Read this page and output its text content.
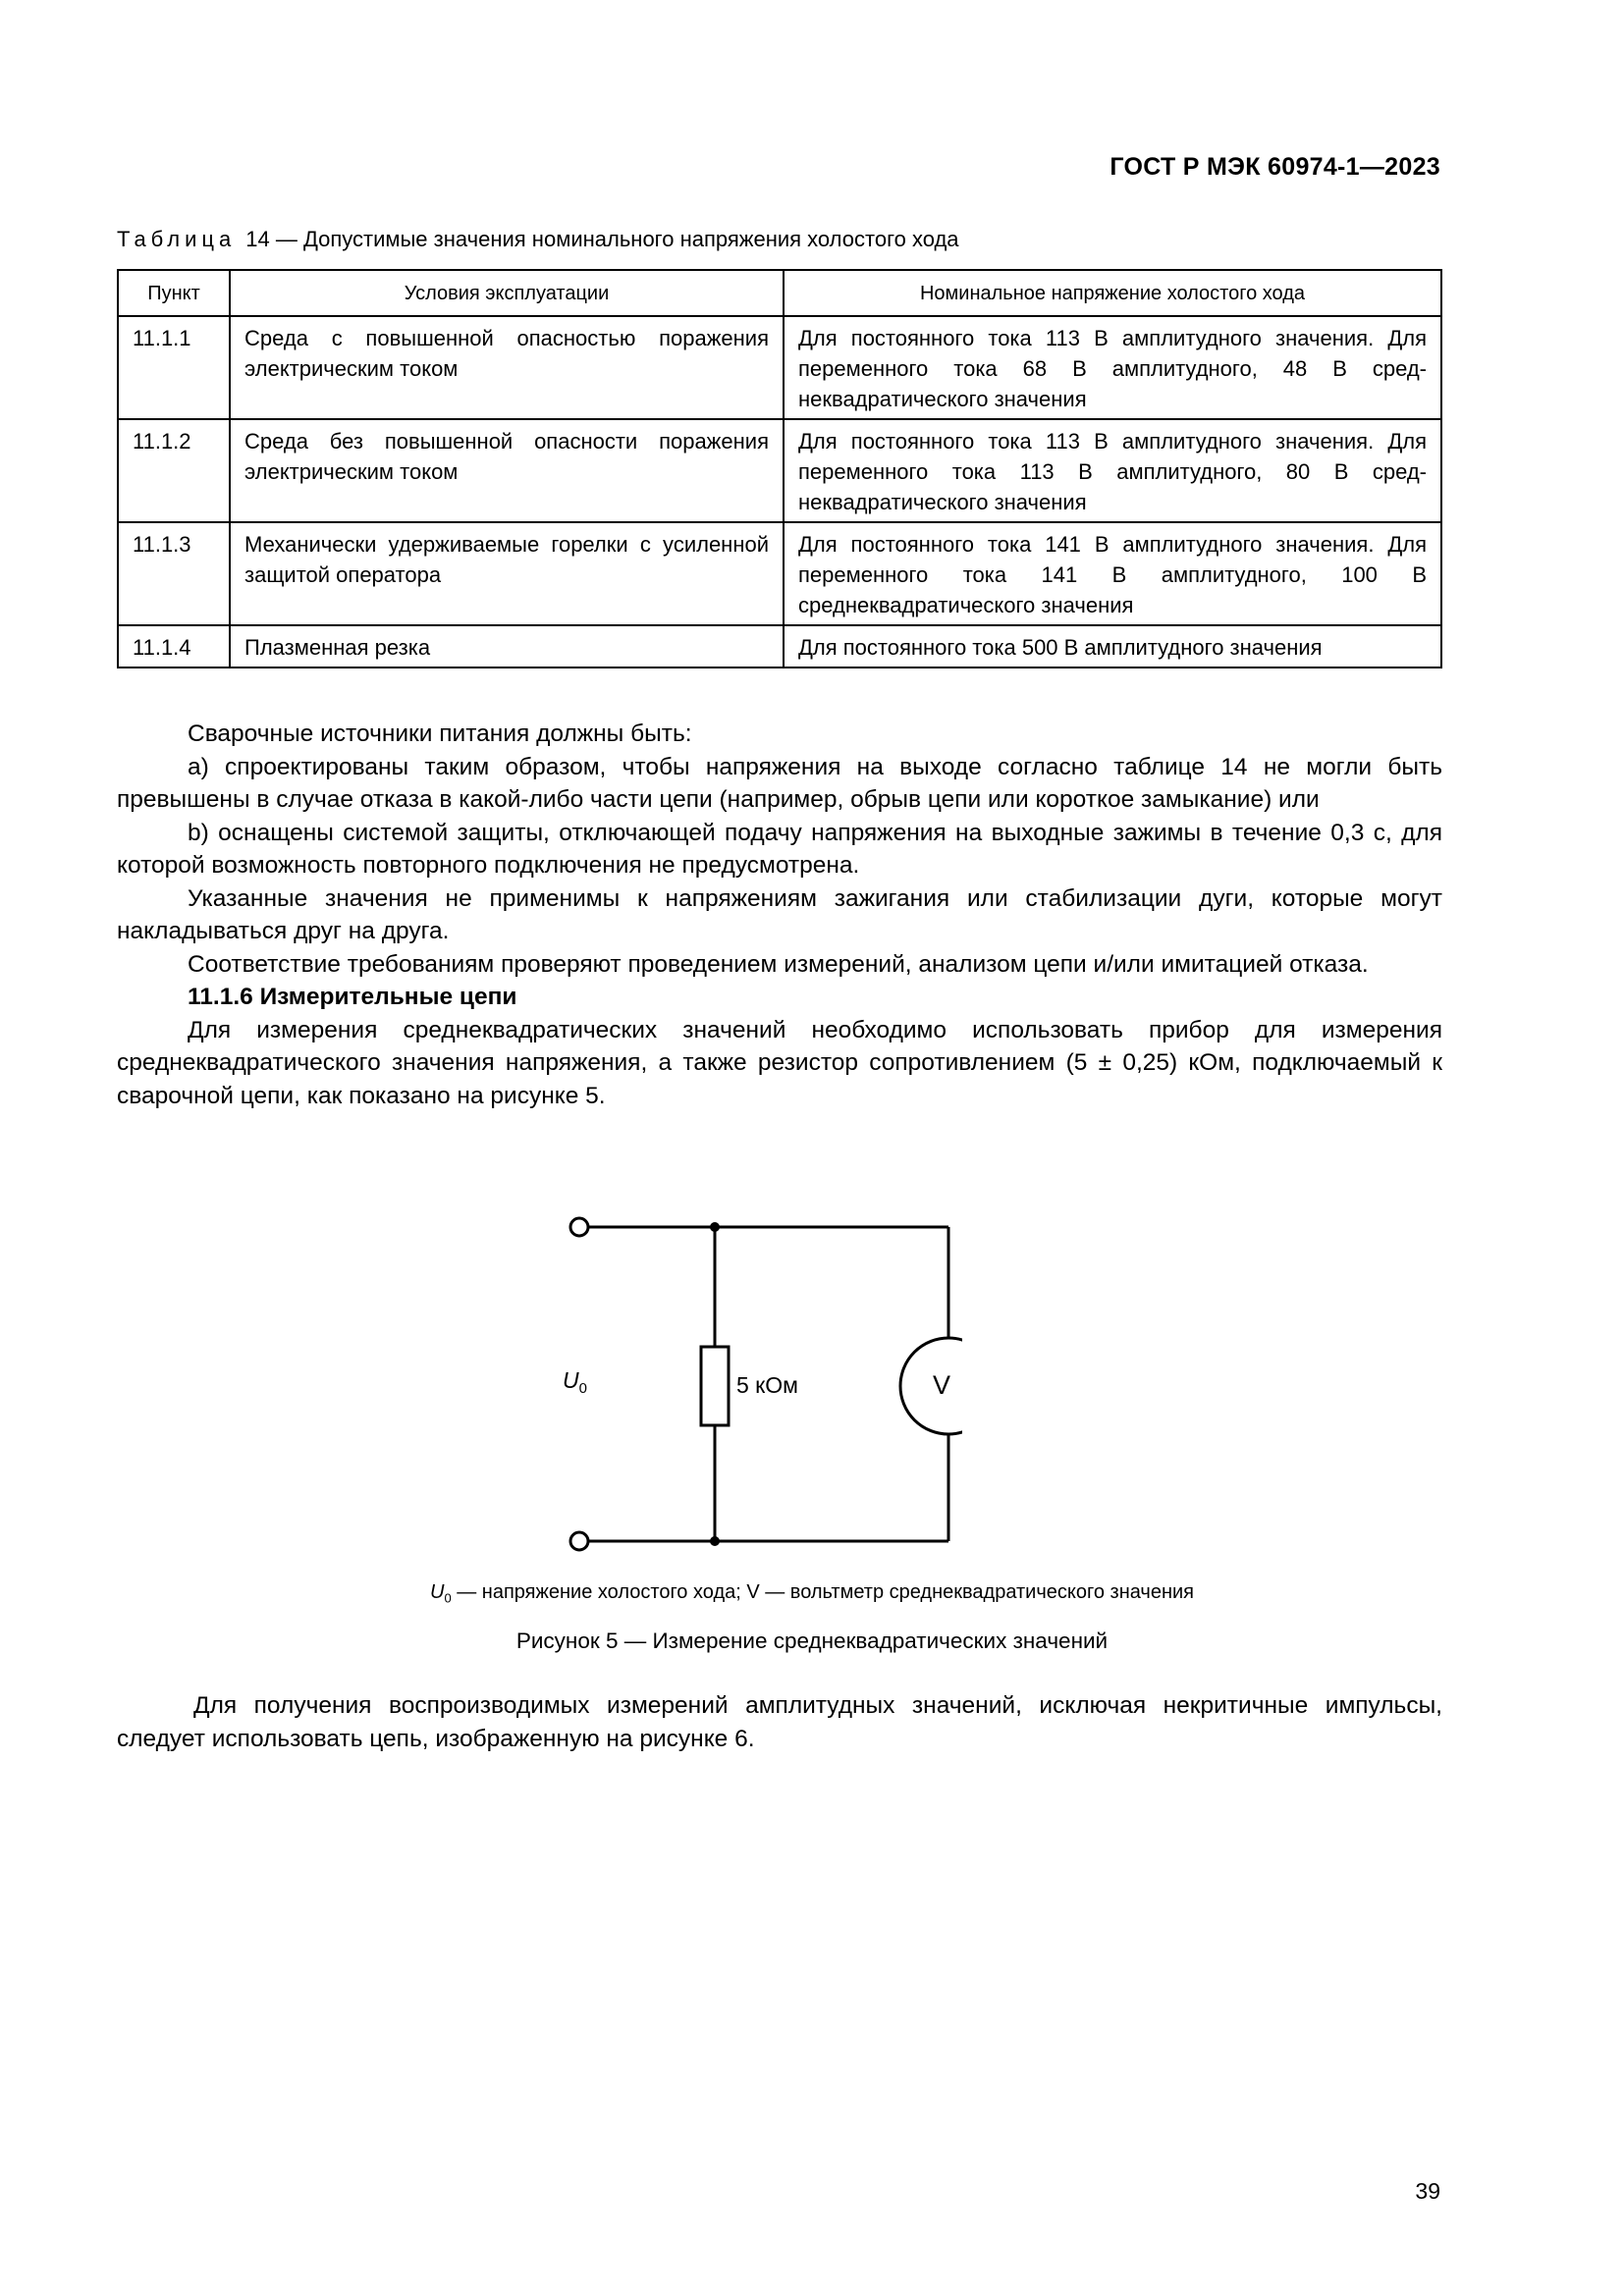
ГОСТ Р МЭК 60974-1—2023
Таблица 14 — Допустимые значения номинального напряжения холостого хода
Пункт	Условия эксплуатации	Номинальное напряжение холостого хода
11.1.1	Среда с повышенной опасностью поражения электрическим током	Для постоянного тока 113 В амплитудного значения. Для переменного тока 68 В амплитудного, 48 В среднеквадратического значения
11.1.2	Среда без повышенной опасности поражения электрическим током	Для постоянного тока 113 В амплитудного значения. Для переменного тока 113 В амплитудного, 80 В среднеквадратического значения
11.1.3	Механически удерживаемые горелки с усиленной защитой оператора	Для постоянного тока 141 В амплитудного значения. Для переменного тока 141 В амплитудного, 100 В среднеквадратического значения
11.1.4	Плазменная резка	Для постоянного тока 500 В амплитудного значения

Сварочные источники питания должны быть:

a) спроектированы таким образом, чтобы напряжения на выходе согласно таблице 14 не могли быть превышены в случае отказа в какой-либо части цепи (например, обрыв цепи или короткое замыкание) или

b) оснащены системой защиты, отключающей подачу напряжения на выходные зажимы в течение 0,3 с, для которой возможность повторного подключения не предусмотрена.

Указанные значения не применимы к напряжениям зажигания или стабилизации дуги, которые могут накладываться друг на друга.

Соответствие требованиям проверяют проведением измерений, анализом цепи и/или имитацией отказа.

11.1.6 Измерительные цепи

Для измерения среднеквадратических значений необходимо использовать прибор для измерения среднеквадратического значения напряжения, а также резистор сопротивлением (5 ± 0,25) кОм, подключаемый к сварочной цепи, как показано на рисунке 5.

$U_0$	5 кОм	V
$U_0$ — напряжение холостого хода; V — вольтметр среднеквадратического значения
Рисунок 5 — Измерение среднеквадратических значений

Для получения воспроизводимых измерений амплитудных значений, исключая некритичные импульсы, следует использовать цепь, изображенную на рисунке 6.

39
